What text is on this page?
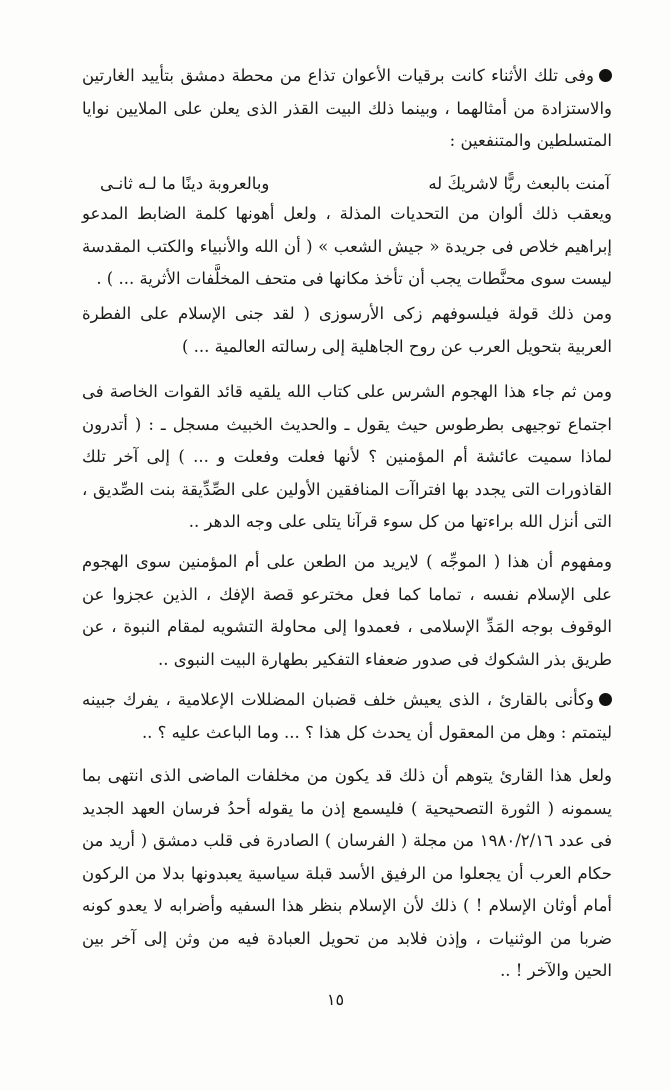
وفى تلك الأثناء كانت برقيات الأعوان تذاع من محطة دمشق بتأييد الغارتين والاستزادة من أمثالهما ، وبينما ذلك البيت القذر الذى يعلن على الملايين نوايا المتسلطين والمتنفعين :
آمنت بالبعث ربًّا لاشريكَ له
وبالعروبة دينًا ما لـه ثانـى
ويعقب ذلك ألوان من التحديات المذلة ، ولعل أهونها كلمة الضابط المدعو إبراهيم خلاص فى جريدة « جيش الشعب » ( أن الله والأنبياء والكتب المقدسة ليست سوى محنَّطات يجب أن تأخذ مكانها فى متحف المخلَّفات الأثرية ... ) .
ومن ذلك قولة فيلسوفهم زكى الأرسوزى ( لقد جنى الإسلام على الفطرة العربية بتحويل العرب عن روح الجاهلية إلى رسالته العالمية ... )
ومن ثم جاء هذا الهجوم الشرس على كتاب الله يلقيه قائد القوات الخاصة فى اجتماع توجيهى بطرطوس حيث يقول ـ والحديث الخبيث مسجل ـ : ( أتدرون لماذا سميت عائشة أم المؤمنين ؟ لأنها فعلت وفعلت و ... ) إلى آخر تلك القاذورات التى يجدد بها افتراآت المنافقين الأولين على الصِّدِّيقة بنت الصِّديق ، التى أنزل الله براءتها من كل سوء قرآنا يتلى على وجه الدهر ..
ومفهوم أن هذا ( الموجِّه ) لايريد من الطعن على أم المؤمنين سوى الهجوم على الإسلام نفسه ، تماما كما فعل مخترعو قصة الإفك ، الذين عجزوا عن الوقوف بوجه المَدِّ الإسلامى ، فعمدوا إلى محاولة التشويه لمقام النبوة ، عن طريق بذر الشكوك فى صدور ضعفاء التفكير بطهارة البيت النبوى ..
وكأنى بالقارئ ، الذى يعيش خلف قضبان المضللات الإعلامية ، يفرك جبينه ليتمتم : وهل من المعقول أن يحدث كل هذا ؟ ... وما الباعث عليه ؟ ..
ولعل هذا القارئ يتوهم أن ذلك قد يكون من مخلفات الماضى الذى انتهى بما يسمونه ( الثورة التصحيحية ) فليسمع إذن ما يقوله أحدُ فرسان العهد الجديد فى عدد ١٩٨٠/٢/١٦ من مجلة ( الفرسان ) الصادرة فى قلب دمشق ( أريد من حكام العرب أن يجعلوا من الرفيق الأسد قبلة سياسية يعبدونها بدلا من الركون أمام أوثان الإسلام ! ) ذلك لأن الإسلام بنظر هذا السفيه وأضرابه لا يعدو كونه ضربا من الوثنيات ، وإذن فلابد من تحويل العبادة فيه من وثن إلى آخر بين الحين والآخر ! ..
١٥
